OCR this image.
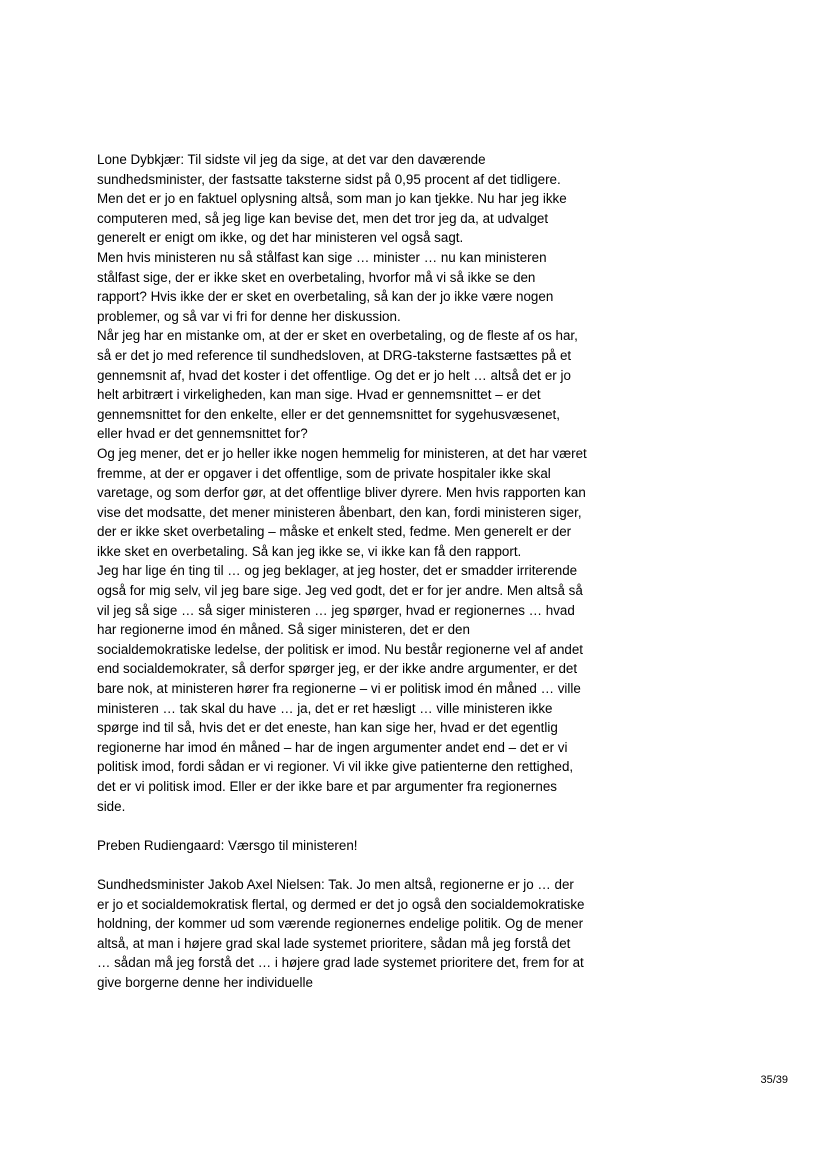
Lone Dybkjær: Til sidste vil jeg da sige, at det var den daværende sundhedsminister, der fastsatte taksterne sidst på 0,95 procent af det tidligere. Men det er jo en faktuel oplysning altså, som man jo kan tjekke. Nu har jeg ikke computeren med, så jeg lige kan bevise det, men det tror jeg da, at udvalget generelt er enigt om ikke, og det har ministeren vel også sagt.

Men hvis ministeren nu så stålfast kan sige … minister … nu kan ministeren stålfast sige, der er ikke sket en overbetaling, hvorfor må vi så ikke se den rapport? Hvis ikke der er sket en overbetaling, så kan der jo ikke være nogen problemer, og så var vi fri for denne her diskussion.

Når jeg har en mistanke om, at der er sket en overbetaling, og de fleste af os har, så er det jo med reference til sundhedsloven, at DRG-taksterne fastsættes på et gennemsnit af, hvad det koster i det offentlige. Og det er jo helt … altså det er jo helt arbitrært i virkeligheden, kan man sige. Hvad er gennemsnittet – er det gennemsnittet for den enkelte, eller er det gennemsnittet for sygehusvæsenet, eller hvad er det gennemsnittet for?

Og jeg mener, det er jo heller ikke nogen hemmelig for ministeren, at det har været fremme, at der er opgaver i det offentlige, som de private hospitaler ikke skal varetage, og som derfor gør, at det offentlige bliver dyrere. Men hvis rapporten kan vise det modsatte, det mener ministeren åbenbart, den kan, fordi ministeren siger, der er ikke sket overbetaling – måske et enkelt sted, fedme. Men generelt er der ikke sket en overbetaling. Så kan jeg ikke se, vi ikke kan få den rapport.

Jeg har lige én ting til … og jeg beklager, at jeg hoster, det er smadder irriterende også for mig selv, vil jeg bare sige. Jeg ved godt, det er for jer andre. Men altså så vil jeg så sige … så siger ministeren … jeg spørger, hvad er regionernes … hvad har regionerne imod én måned. Så siger ministeren, det er den socialdemokratiske ledelse, der politisk er imod. Nu består regionerne vel af andet end socialdemokrater, så derfor spørger jeg, er der ikke andre argumenter, er det bare nok, at ministeren hører fra regionerne – vi er politisk imod én måned … ville ministeren … tak skal du have … ja, det er ret hæsligt … ville ministeren ikke spørge ind til så, hvis det er det eneste, han kan sige her, hvad er det egentlig regionerne har imod én måned – har de ingen argumenter andet end – det er vi politisk imod, fordi sådan er vi regioner. Vi vil ikke give patienterne den rettighed, det er vi politisk imod. Eller er der ikke bare et par argumenter fra regionernes side.

Preben Rudiengaard: Værsgo til ministeren!

Sundhedsminister Jakob Axel Nielsen: Tak. Jo men altså, regionerne er jo … der er jo et socialdemokratisk flertal, og dermed er det jo også den socialdemokratiske holdning, der kommer ud som værende regionernes endelige politik. Og de mener altså, at man i højere grad skal lade systemet prioritere, sådan må jeg forstå det … sådan må jeg forstå det … i højere grad lade systemet prioritere det, frem for at give borgerne denne her individuelle

35/39
